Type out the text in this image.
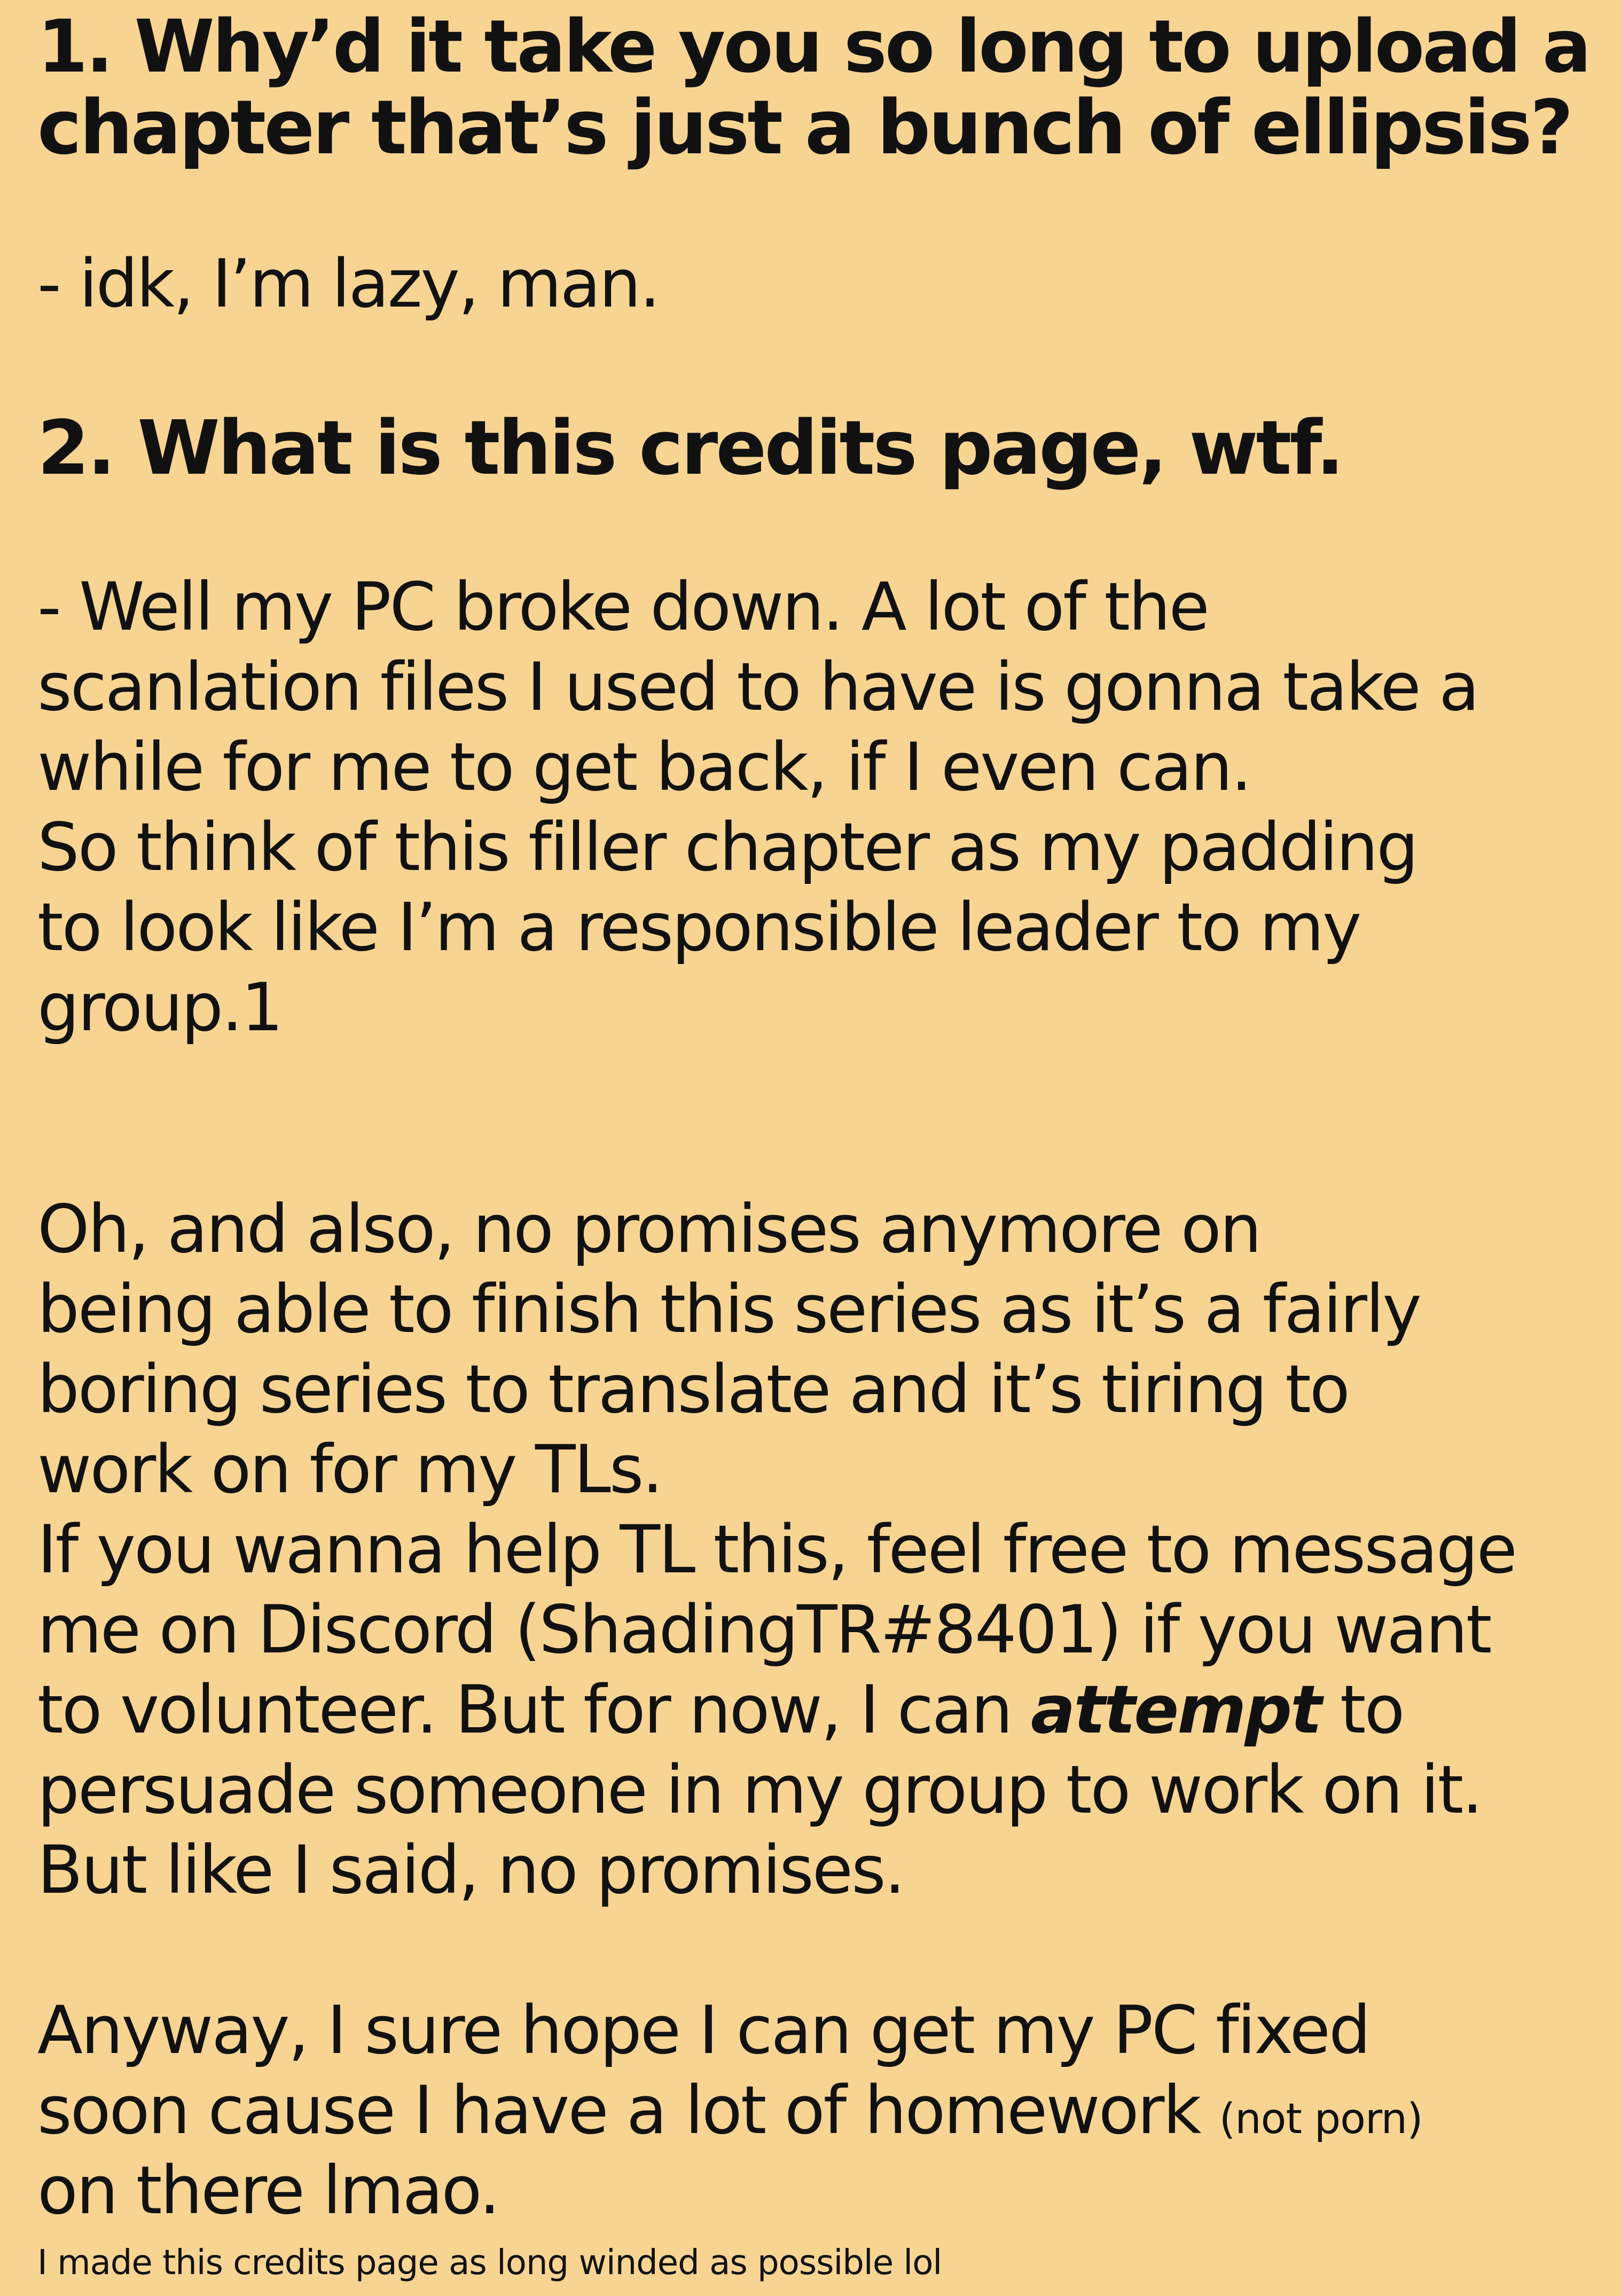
1. Why’d it take you so long to upload a
chapter that’s just a bunch of ellipsis?
- idk, I’m lazy, man.
2. What is this credits page, wtf.
- Well my PC broke down. A lot of the
scanlation files I used to have is gonna take a
while for me to get back, if I even can.
So think of this filler chapter as my padding
to look like I’m a responsible leader to my
group.1
Oh, and also, no promises anymore on
being able to finish this series as it’s a fairly
boring series to translate and it’s tiring to
work on for my TLs.
If you wanna help TL this, feel free to message
me on Discord (ShadingTR#8401) if you want
to volunteer. But for now, I can attempt to
persuade someone in my group to work on it.
But like I said, no promises.
Anyway, I sure hope I can get my PC fixed
soon cause I have a lot of homework (not porn)
on there lmao.
I made this credits page as long winded as possible lol
